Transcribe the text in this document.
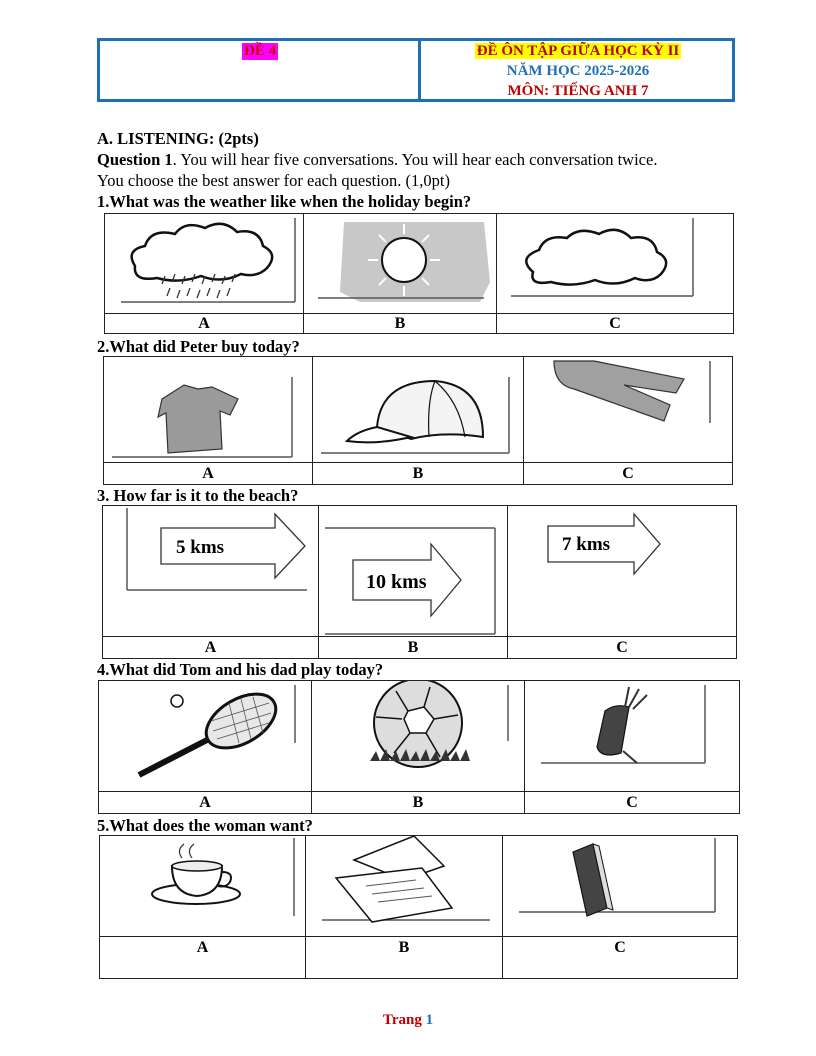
ĐỀ 4	ĐỀ ÔN TẬP GIỮA HỌC KỲ II
NĂM HỌC 2025-2026
MÔN: TIẾNG ANH 7
A. LISTENING: (2pts)
Question 1. You will hear five conversations. You will hear each conversation twice.
You choose the best answer for each question. (1,0pt)
1.What was the weather like when the holiday begin?

A	B	C
2.What did Peter buy today?

A	B	C
3. How far is it to the beach?
5 kms	10 kms	7 kms

A	B	C
4.What did Tom and his dad play today?

A	B	C
5.What does the woman want?

A	B	C
Trang 1
